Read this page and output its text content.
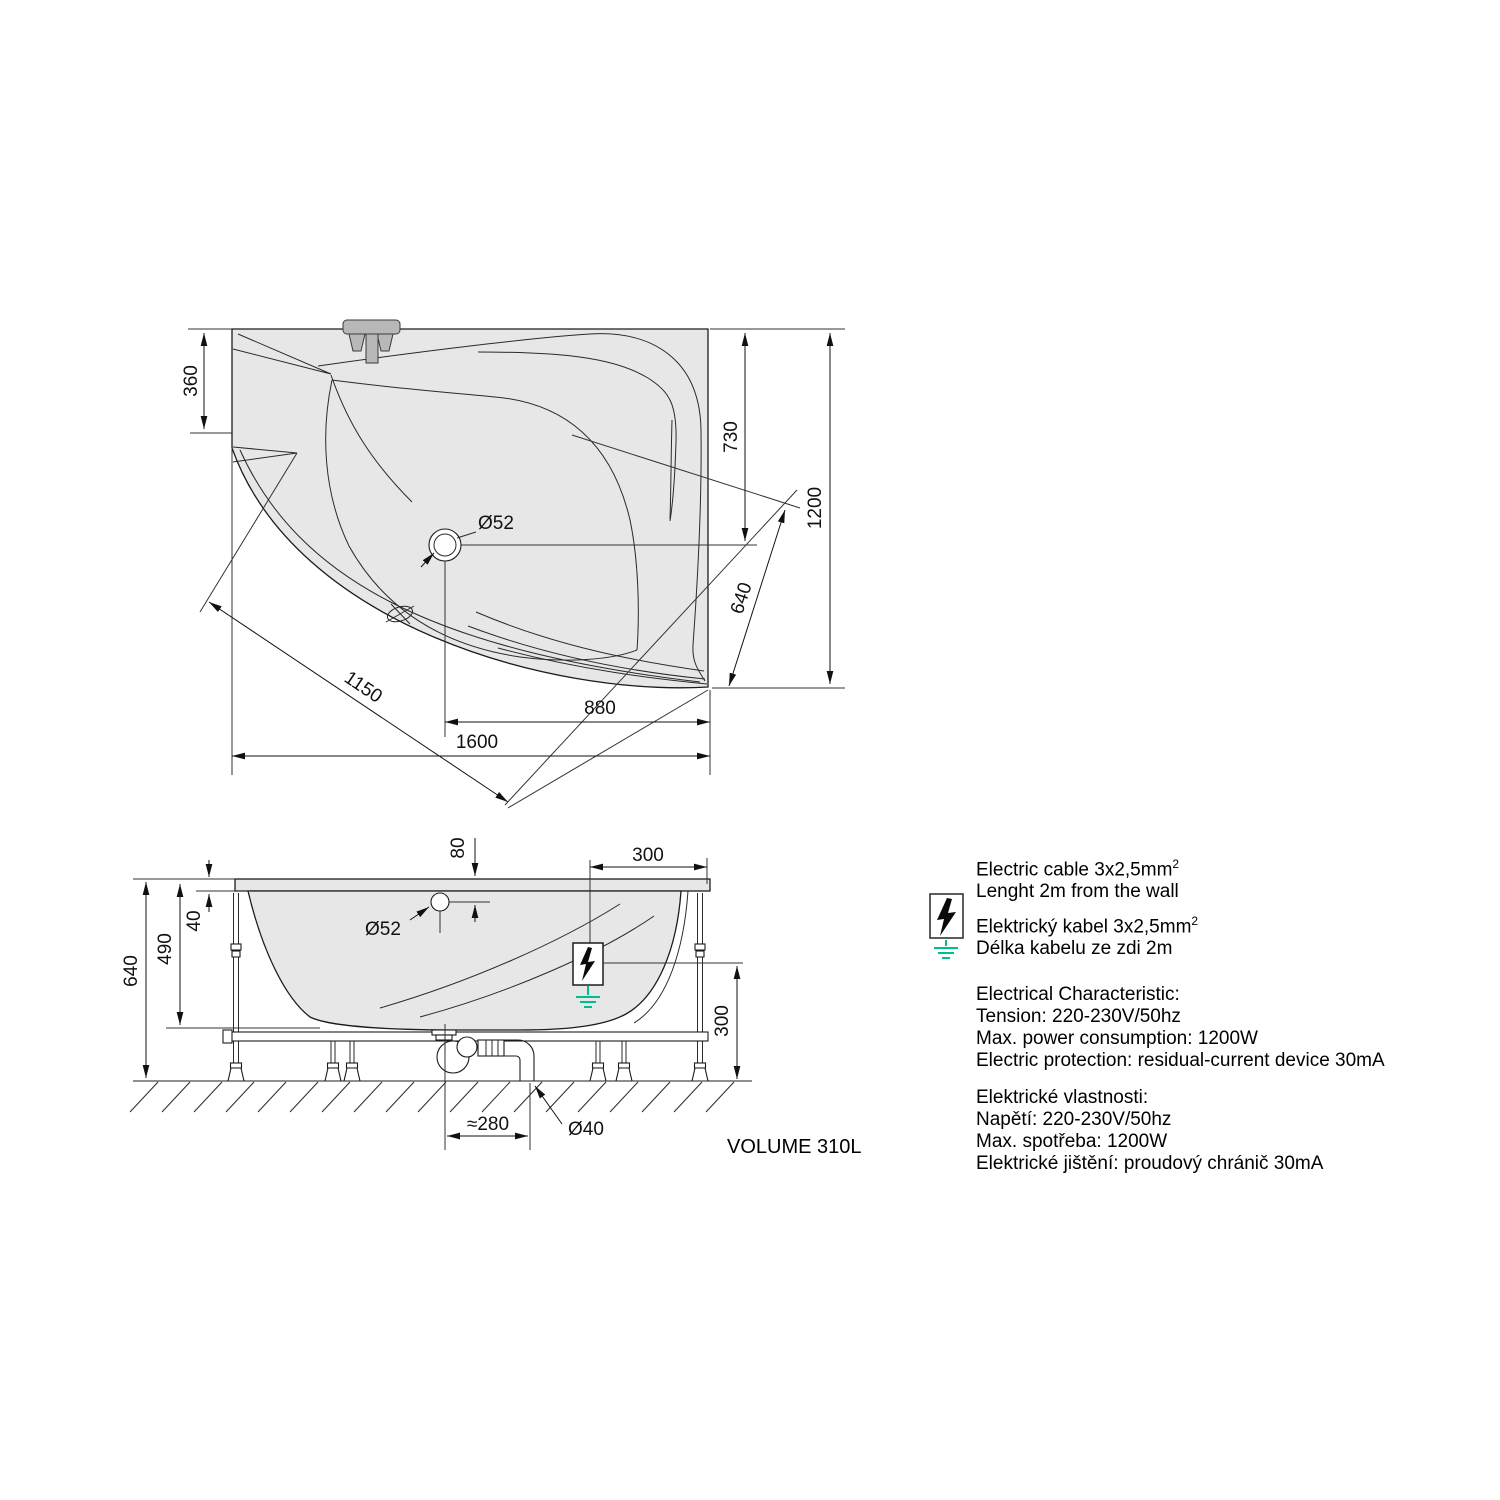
360
730
1200
640
1150
880
1600
Ø52
640
490
40
80	300
300
≈280	Ø40
Ø52
Electric cable $3x2,5mm^2$
Lenght 2m from the wall
Elektrický kabel $3x2,5mm^2$
Délka kabelu ze zdi 2m
Electrical Characteristic:
Tension: 220-230V/50hz
Max. power consumption: 1200W
Electric protection: residual-current device 30mA
Elektrické vlastnosti:
Napětí: 220-230V/50hz
Max. spotřeba: 1200W
Elektrické jištění: proudový chránič 30mA
VOLUME 310L
